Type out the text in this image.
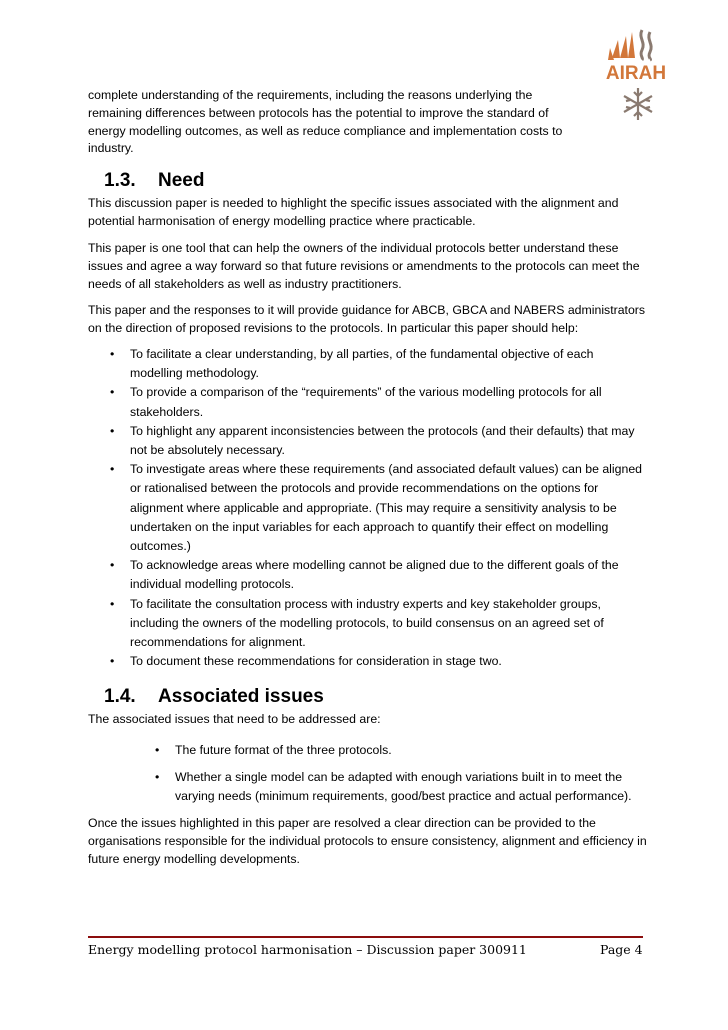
AIRAH

complete understanding of the requirements, including the reasons underlying the remaining differences between protocols has the potential to improve the standard of energy modelling outcomes, as well as reduce compliance and implementation costs to industry.

1.3. Need

This discussion paper is needed to highlight the specific issues associated with the alignment and potential harmonisation of energy modelling practice where practicable.

This paper is one tool that can help the owners of the individual protocols better understand these issues and agree a way forward so that future revisions or amendments to the protocols can meet the needs of all stakeholders as well as industry practitioners.

This paper and the responses to it will provide guidance for ABCB, GBCA and NABERS administrators on the direction of proposed revisions to the protocols. In particular this paper should help:

• To facilitate a clear understanding, by all parties, of the fundamental objective of each modelling methodology.
• To provide a comparison of the “requirements” of the various modelling protocols for all stakeholders.
• To highlight any apparent inconsistencies between the protocols (and their defaults) that may not be absolutely necessary.
• To investigate areas where these requirements (and associated default values) can be aligned or rationalised between the protocols and provide recommendations on the options for alignment where applicable and appropriate. (This may require a sensitivity analysis to be undertaken on the input variables for each approach to quantify their effect on modelling outcomes.)
• To acknowledge areas where modelling cannot be aligned due to the different goals of the individual modelling protocols.
• To facilitate the consultation process with industry experts and key stakeholder groups, including the owners of the modelling protocols, to build consensus on an agreed set of recommendations for alignment.
• To document these recommendations for consideration in stage two.
1.4. Associated issues

The associated issues that need to be addressed are:

• The future format of the three protocols.
• Whether a single model can be adapted with enough variations built in to meet the varying needs (minimum requirements, good/best practice and actual performance).

Once the issues highlighted in this paper are resolved a clear direction can be provided to the organisations responsible for the individual protocols to ensure consistency, alignment and efficiency in future energy modelling developments.

Energy modelling protocol harmonisation – Discussion paper 300911	Page 4
